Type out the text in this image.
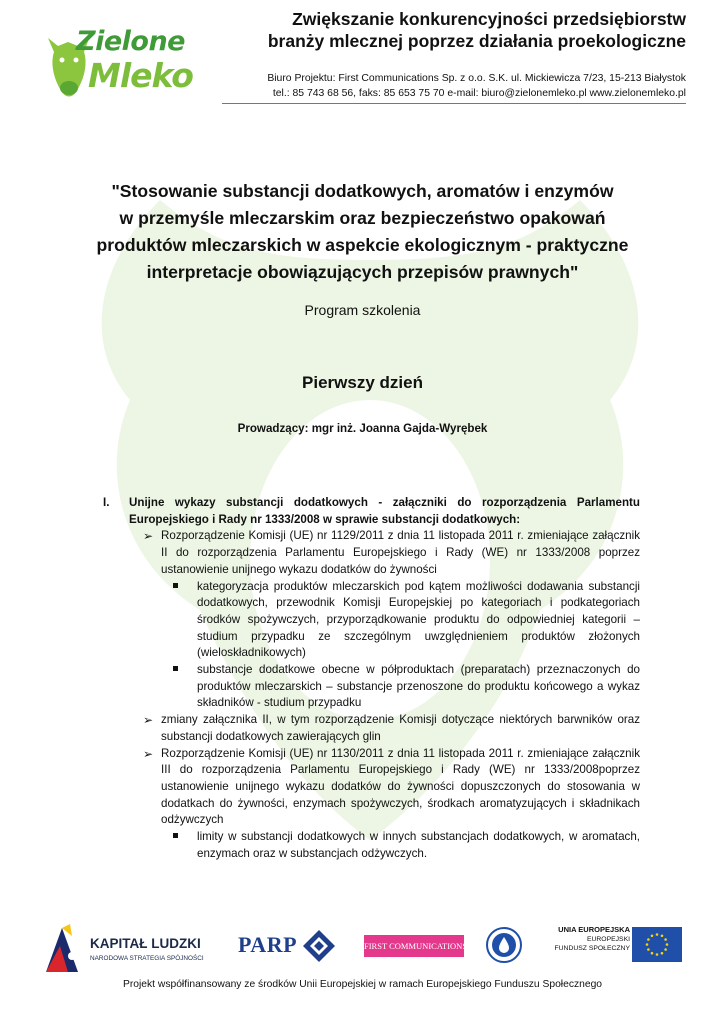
Zielone
Mleko
Zwiększanie konkurencyjności przedsiębiorstw
branży mlecznej poprzez działania proekologiczne
Biuro Projektu: First Communications Sp. z o.o. S.K. ul. Mickiewicza 7/23, 15-213 Białystok
tel.: 85 743 68 56, faks: 85 653 75 70 e-mail: biuro@zielonemleko.pl www.zielonemleko.pl
"Stosowanie substancji dodatkowych, aromatów i enzymów
w przemyśle mleczarskim oraz bezpieczeństwo opakowań
produktów mleczarskich w aspekcie ekologicznym - praktyczne
interpretacje obowiązujących przepisów prawnych"
Program szkolenia
Pierwszy dzień
Prowadzący: mgr inż. Joanna Gajda-Wyrębek
I. Unijne wykazy substancji dodatkowych - załączniki do rozporządzenia Parlamentu Europejskiego i Rady nr 1333/2008 w sprawie substancji dodatkowych:
➢ Rozporządzenie Komisji (UE) nr 1129/2011 z dnia 11 listopada 2011 r. zmieniające załącznik II do rozporządzenia Parlamentu Europejskiego i Rady (WE) nr 1333/2008 poprzez ustanowienie unijnego wykazu dodatków do żywności
kategoryzacja produktów mleczarskich pod kątem możliwości dodawania substancji dodatkowych, przewodnik Komisji Europejskiej po kategoriach i podkategoriach środków spożywczych, przyporządkowanie produktu do odpowiedniej kategorii – studium przypadku ze szczególnym uwzględnieniem produktów złożonych (wieloskładnikowych)
substancje dodatkowe obecne w półproduktach (preparatach) przeznaczonych do produktów mleczarskich – substancje przenoszone do produktu końcowego a wykaz składników - studium przypadku
➢ zmiany załącznika II, w tym rozporządzenie Komisji dotyczące niektórych barwników oraz substancji dodatkowych zawierających glin
➢ Rozporządzenie Komisji (UE) nr 1130/2011 z dnia 11 listopada 2011 r. zmieniające załącznik III do rozporządzenia Parlamentu Europejskiego i Rady (WE) nr 1333/2008poprzez ustanowienie unijnego wykazu dodatków do żywności dopuszczonych do stosowania w dodatkach do żywności, enzymach spożywczych, środkach aromatyzujących i składnikach odżywczych
limity w substancji dodatkowych w innych substancjach dodatkowych, w aromatach, enzymach oraz w substancjach odżywczych.
KAPITAŁ LUDZKI
NARODOWA STRATEGIA SPÓJNOŚCI
PARP	FIRST COMMUNICATIONS
UNIA EUROPEJSKA
EUROPEJSKI
FUNDUSZ SPOŁECZNY
Projekt współfinansowany ze środków Unii Europejskiej w ramach Europejskiego Funduszu Społecznego
